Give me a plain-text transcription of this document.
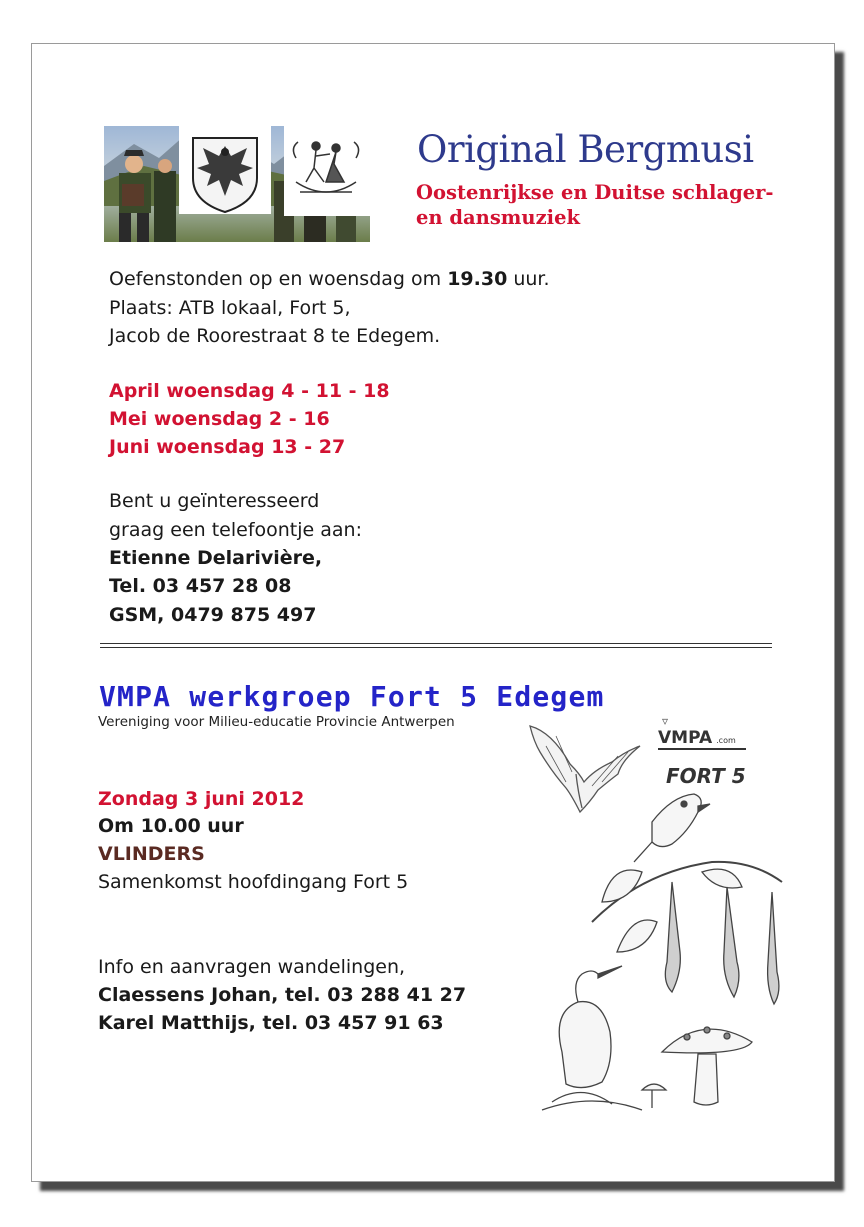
Original Bergmusi
Oostenrijkse en Duitse schlager-
en dansmuziek

Oefenstonden op en woensdag om 19.30 uur.

Plaats: ATB lokaal, Fort 5,

Jacob de Roorestraat 8 te Edegem.

April woensdag 4 - 11 - 18

Mei woensdag 2 - 16

Juni woensdag 13 - 27

Bent u geïnteresseerd

graag een telefoontje aan:

Etienne Delarivière,

Tel. 03 457 28 08

GSM, 0479 875 497

VMPA werkgroep Fort 5 Edegem

Vereniging voor Milieu-educatie Provincie Antwerpen	▿
VMPA .com
FORT 5

Zondag 3 juni 2012

Om 10.00 uur

VLINDERS

Samenkomst hoofdingang Fort 5

Info en aanvragen wandelingen,

Claessens Johan, tel. 03 288 41 27

Karel Matthijs, tel. 03 457 91 63
